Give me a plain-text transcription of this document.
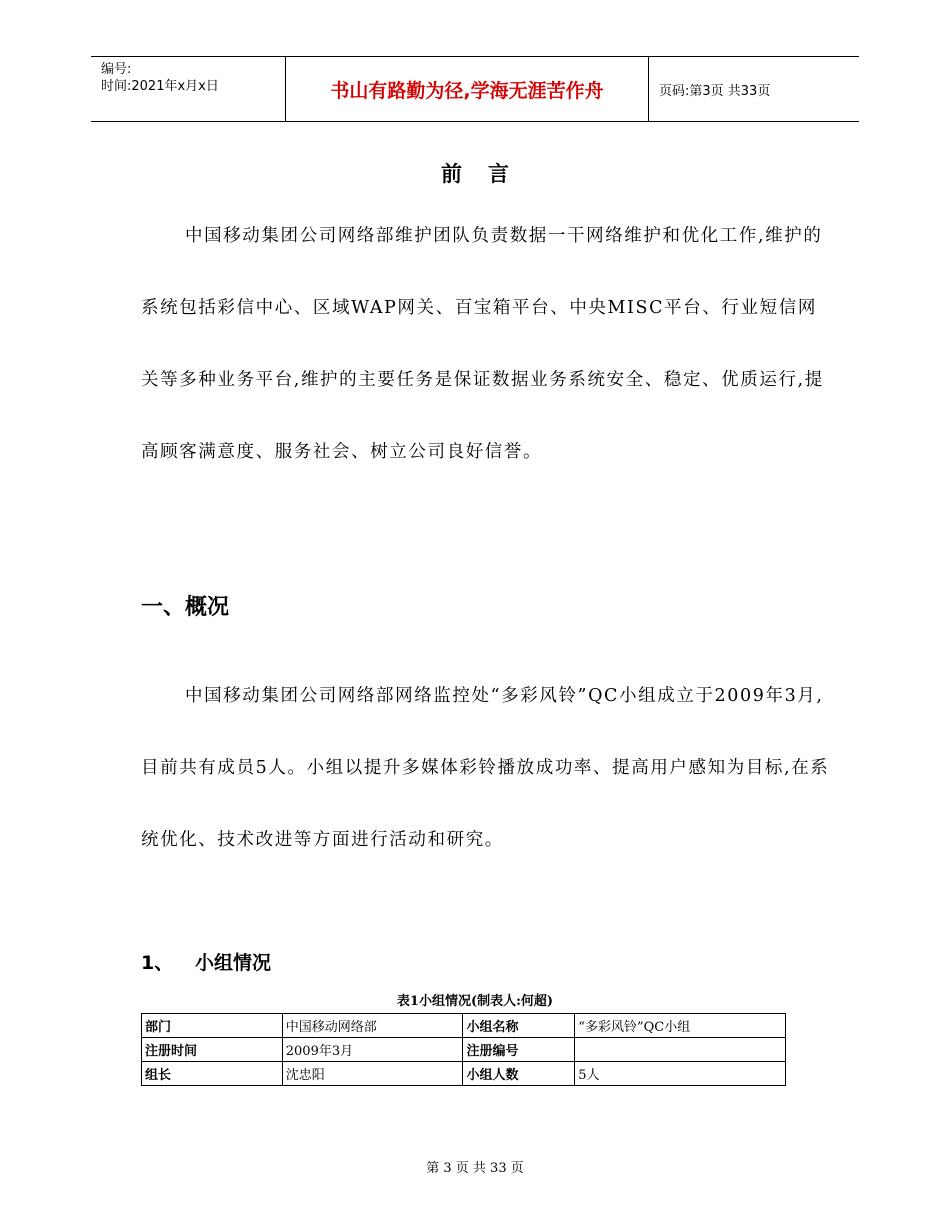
编号:
时间:2021年x月x日	书山有路勤为径,学海无涯苦作舟	页码:第3页 共33页
前言
中国移动集团公司网络部维护团队负责数据一干网络维护和优化工作,维护的系统包括彩信中心、区域WAP网关、百宝箱平台、中央MISC平台、行业短信网关等多种业务平台,维护的主要任务是保证数据业务系统安全、稳定、优质运行,提高顾客满意度、服务社会、树立公司良好信誉。
一、概况
中国移动集团公司网络部网络监控处“多彩风铃”QC小组成立于2009年3月,目前共有成员5人。小组以提升多媒体彩铃播放成功率、提高用户感知为目标,在系统优化、技术改进等方面进行活动和研究。
1、 小组情况
表1小组情况(制表人:何超)
部门	中国移动网络部	小组名称	“多彩风铃”QC小组
注册时间	2009年3月	注册编号	
组长	沈忠阳	小组人数	5人
第 3 页 共 33 页
